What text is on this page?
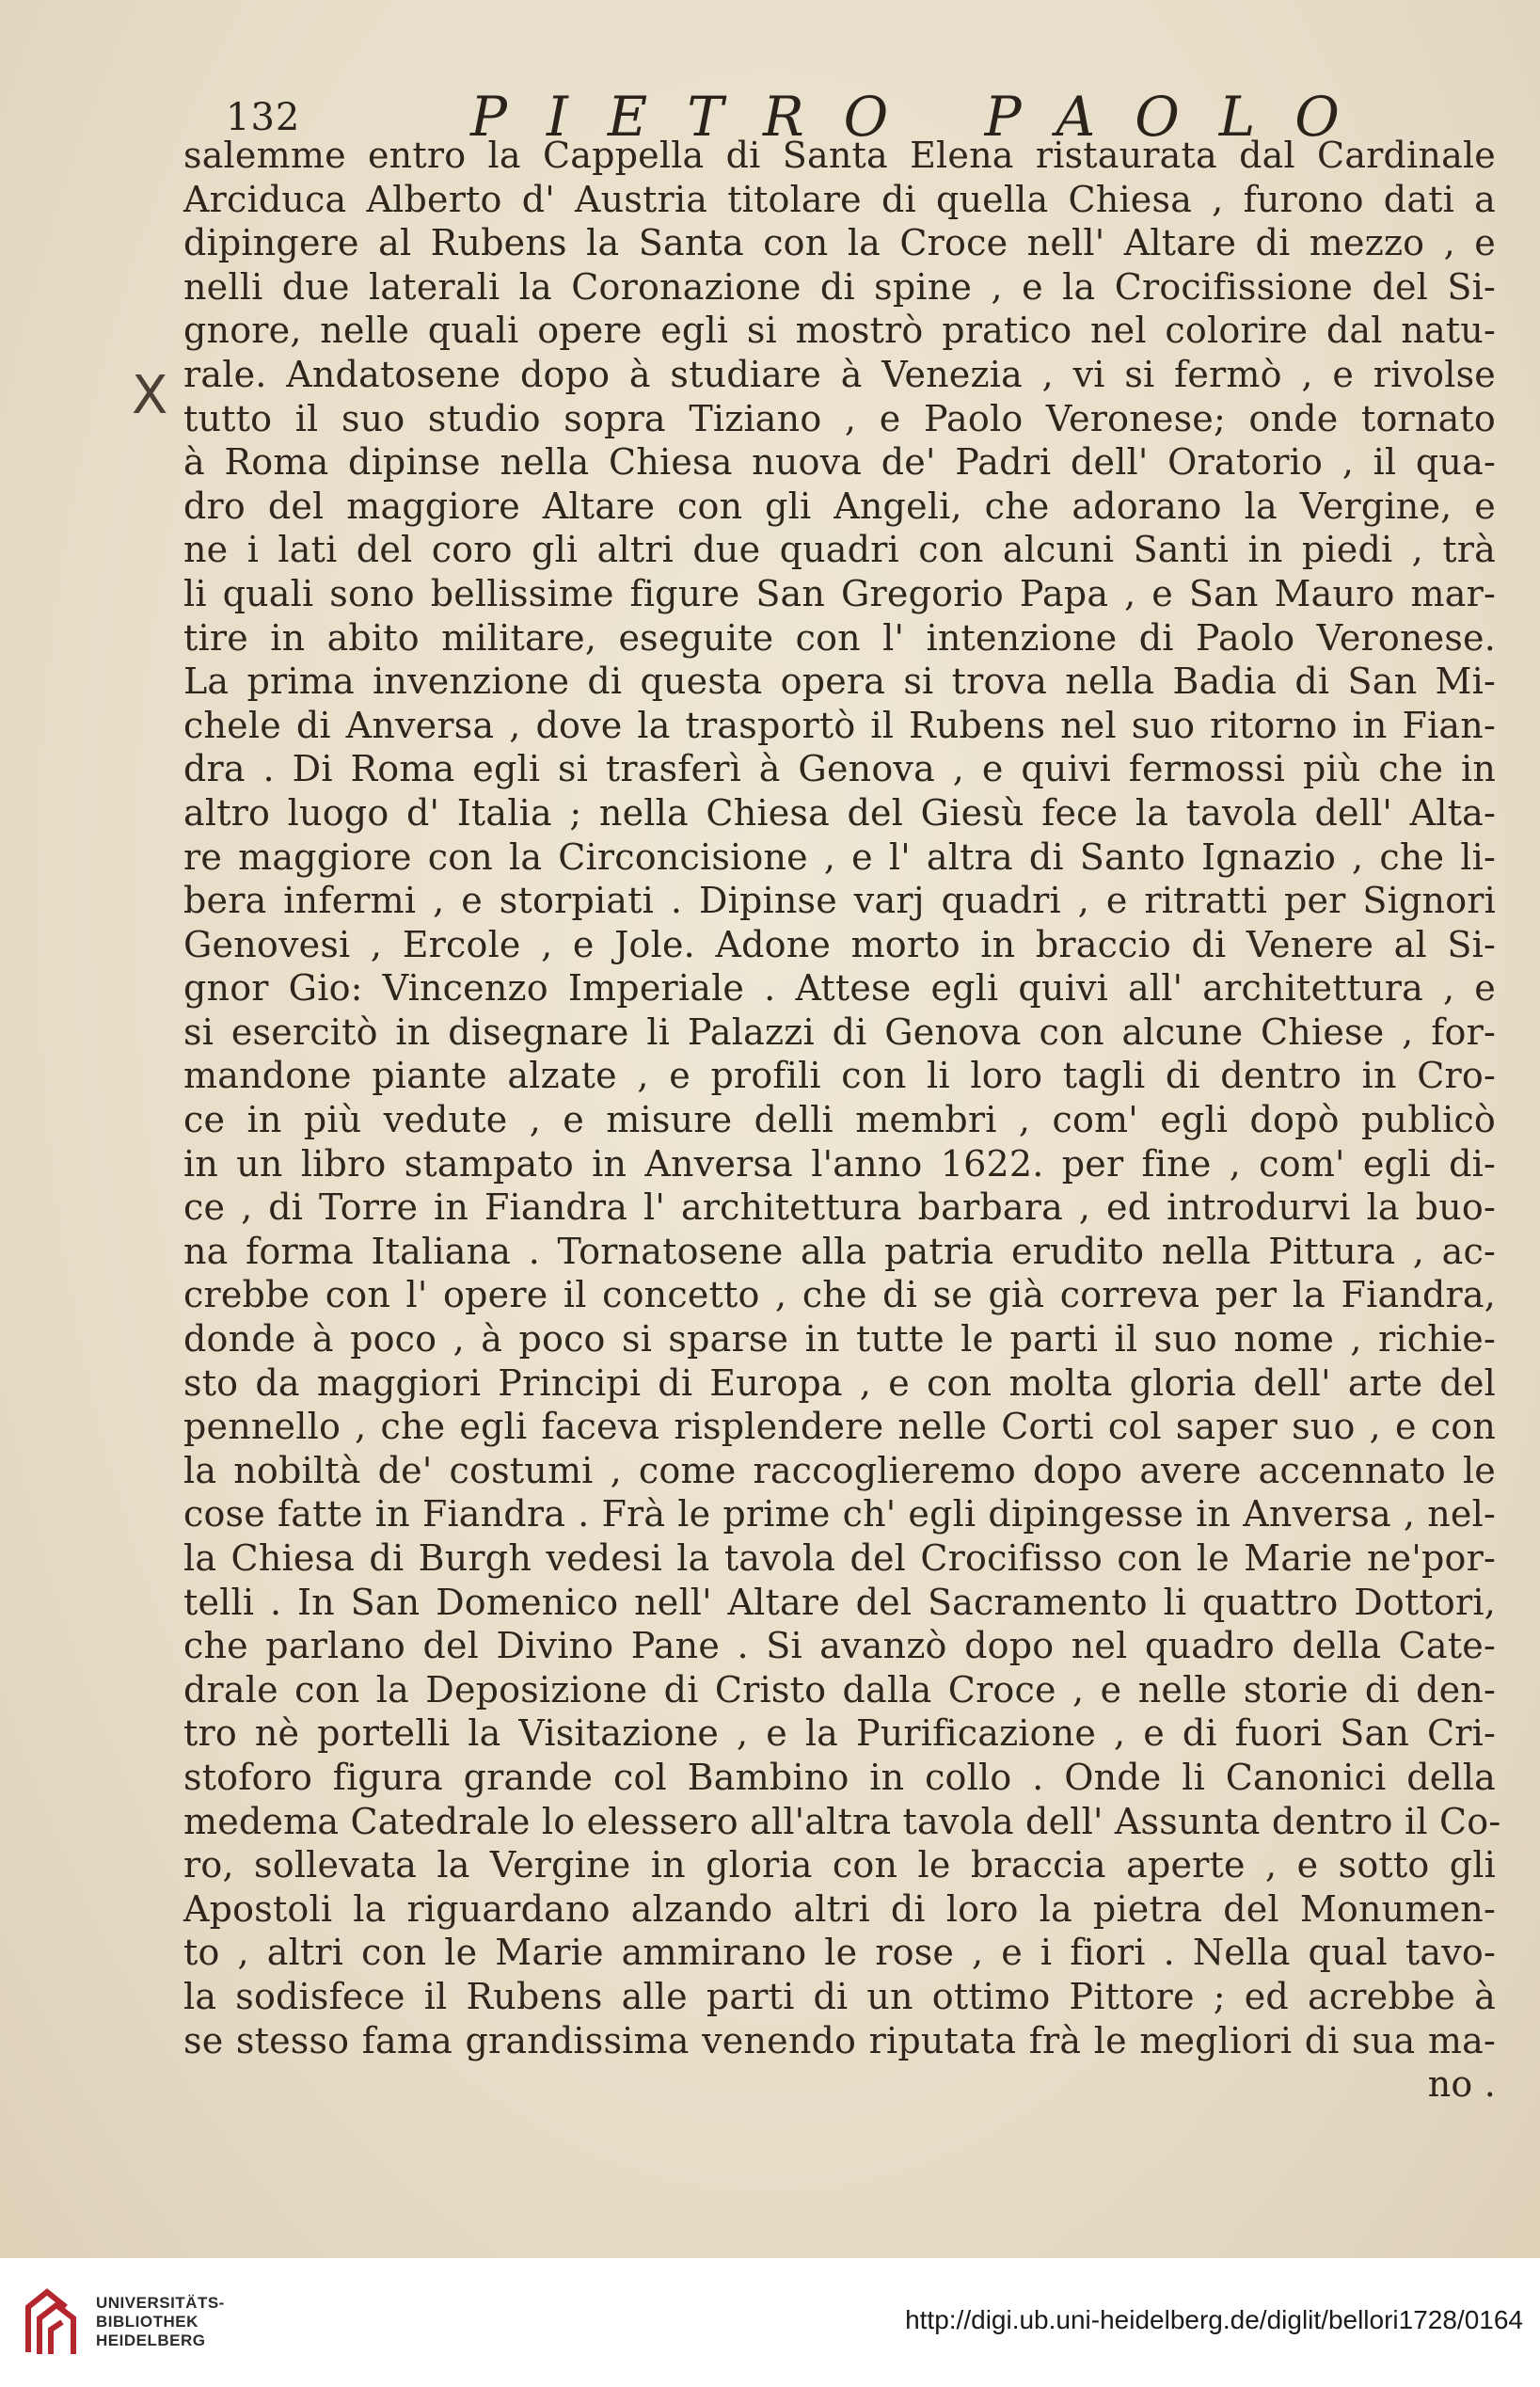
132	PIETRO PAOLO
X
salemme entro la Cappella di Santa Elena ristaurata dal Cardinale
Arciduca Alberto d' Austria titolare di quella Chiesa , furono dati a
dipingere al Rubens la Santa con la Croce nell' Altare di mezzo , e
nelli due laterali la Coronazione di spine , e la Crocifissione del Si-
gnore, nelle quali opere egli si mostrò pratico nel colorire dal natu-
rale. Andatosene dopo à studiare à Venezia , vi si fermò , e rivolse
tutto il suo studio sopra Tiziano , e Paolo Veronese; onde tornato
à Roma dipinse nella Chiesa nuova de' Padri dell' Oratorio , il qua-
dro del maggiore Altare con gli Angeli, che adorano la Vergine, e
ne i lati del coro gli altri due quadri con alcuni Santi in piedi , trà
li quali sono bellissime figure San Gregorio Papa , e San Mauro mar-
tire in abito militare, eseguite con l' intenzione di Paolo Veronese.
La prima invenzione di questa opera si trova nella Badia di San Mi-
chele di Anversa , dove la trasportò il Rubens nel suo ritorno in Fian-
dra . Di Roma egli si trasferì à Genova , e quivi fermossi più che in
altro luogo d' Italia ; nella Chiesa del Giesù fece la tavola dell' Alta-
re maggiore con la Circoncisione , e l' altra di Santo Ignazio , che li-
bera infermi , e storpiati . Dipinse varj quadri , e ritratti per Signori
Genovesi , Ercole , e Jole. Adone morto in braccio di Venere al Si-
gnor Gio: Vincenzo Imperiale . Attese egli quivi all' architettura , e
si esercitò in disegnare li Palazzi di Genova con alcune Chiese , for-
mandone piante alzate , e profili con li loro tagli di dentro in Cro-
ce in più vedute , e misure delli membri , com' egli dopò publicò
in un libro stampato in Anversa l'anno 1622. per fine , com' egli di-
ce , di Torre in Fiandra l' architettura barbara , ed introdurvi la buo-
na forma Italiana . Tornatosene alla patria erudito nella Pittura , ac-
crebbe con l' opere il concetto , che di se già correva per la Fiandra,
donde à poco , à poco si sparse in tutte le parti il suo nome , richie-
sto da maggiori Principi di Europa , e con molta gloria dell' arte del
pennello , che egli faceva risplendere nelle Corti col saper suo , e con
la nobiltà de' costumi , come raccoglieremo dopo avere accennato le
cose fatte in Fiandra . Frà le prime ch' egli dipingesse in Anversa , nel-
la Chiesa di Burgh vedesi la tavola del Crocifisso con le Marie ne'por-
telli . In San Domenico nell' Altare del Sacramento li quattro Dottori,
che parlano del Divino Pane . Si avanzò dopo nel quadro della Cate-
drale con la Deposizione di Cristo dalla Croce , e nelle storie di den-
tro nè portelli la Visitazione , e la Purificazione , e di fuori San Cri-
stoforo figura grande col Bambino in collo . Onde li Canonici della
medema Catedrale lo elessero all'altra tavola dell' Assunta dentro il Co-
ro, sollevata la Vergine in gloria con le braccia aperte , e sotto gli
Apostoli la riguardano alzando altri di loro la pietra del Monumen-
to , altri con le Marie ammirano le rose , e i fiori . Nella qual tavo-
la sodisfece il Rubens alle parti di un ottimo Pittore ; ed acrebbe à
se stesso fama grandissima venendo riputata frà le megliori di sua ma-
no .
UNIVERSITÄTS-
BIBLIOTHEK
HEIDELBERG
http://digi.ub.uni-heidelberg.de/diglit/bellori1728/0164
